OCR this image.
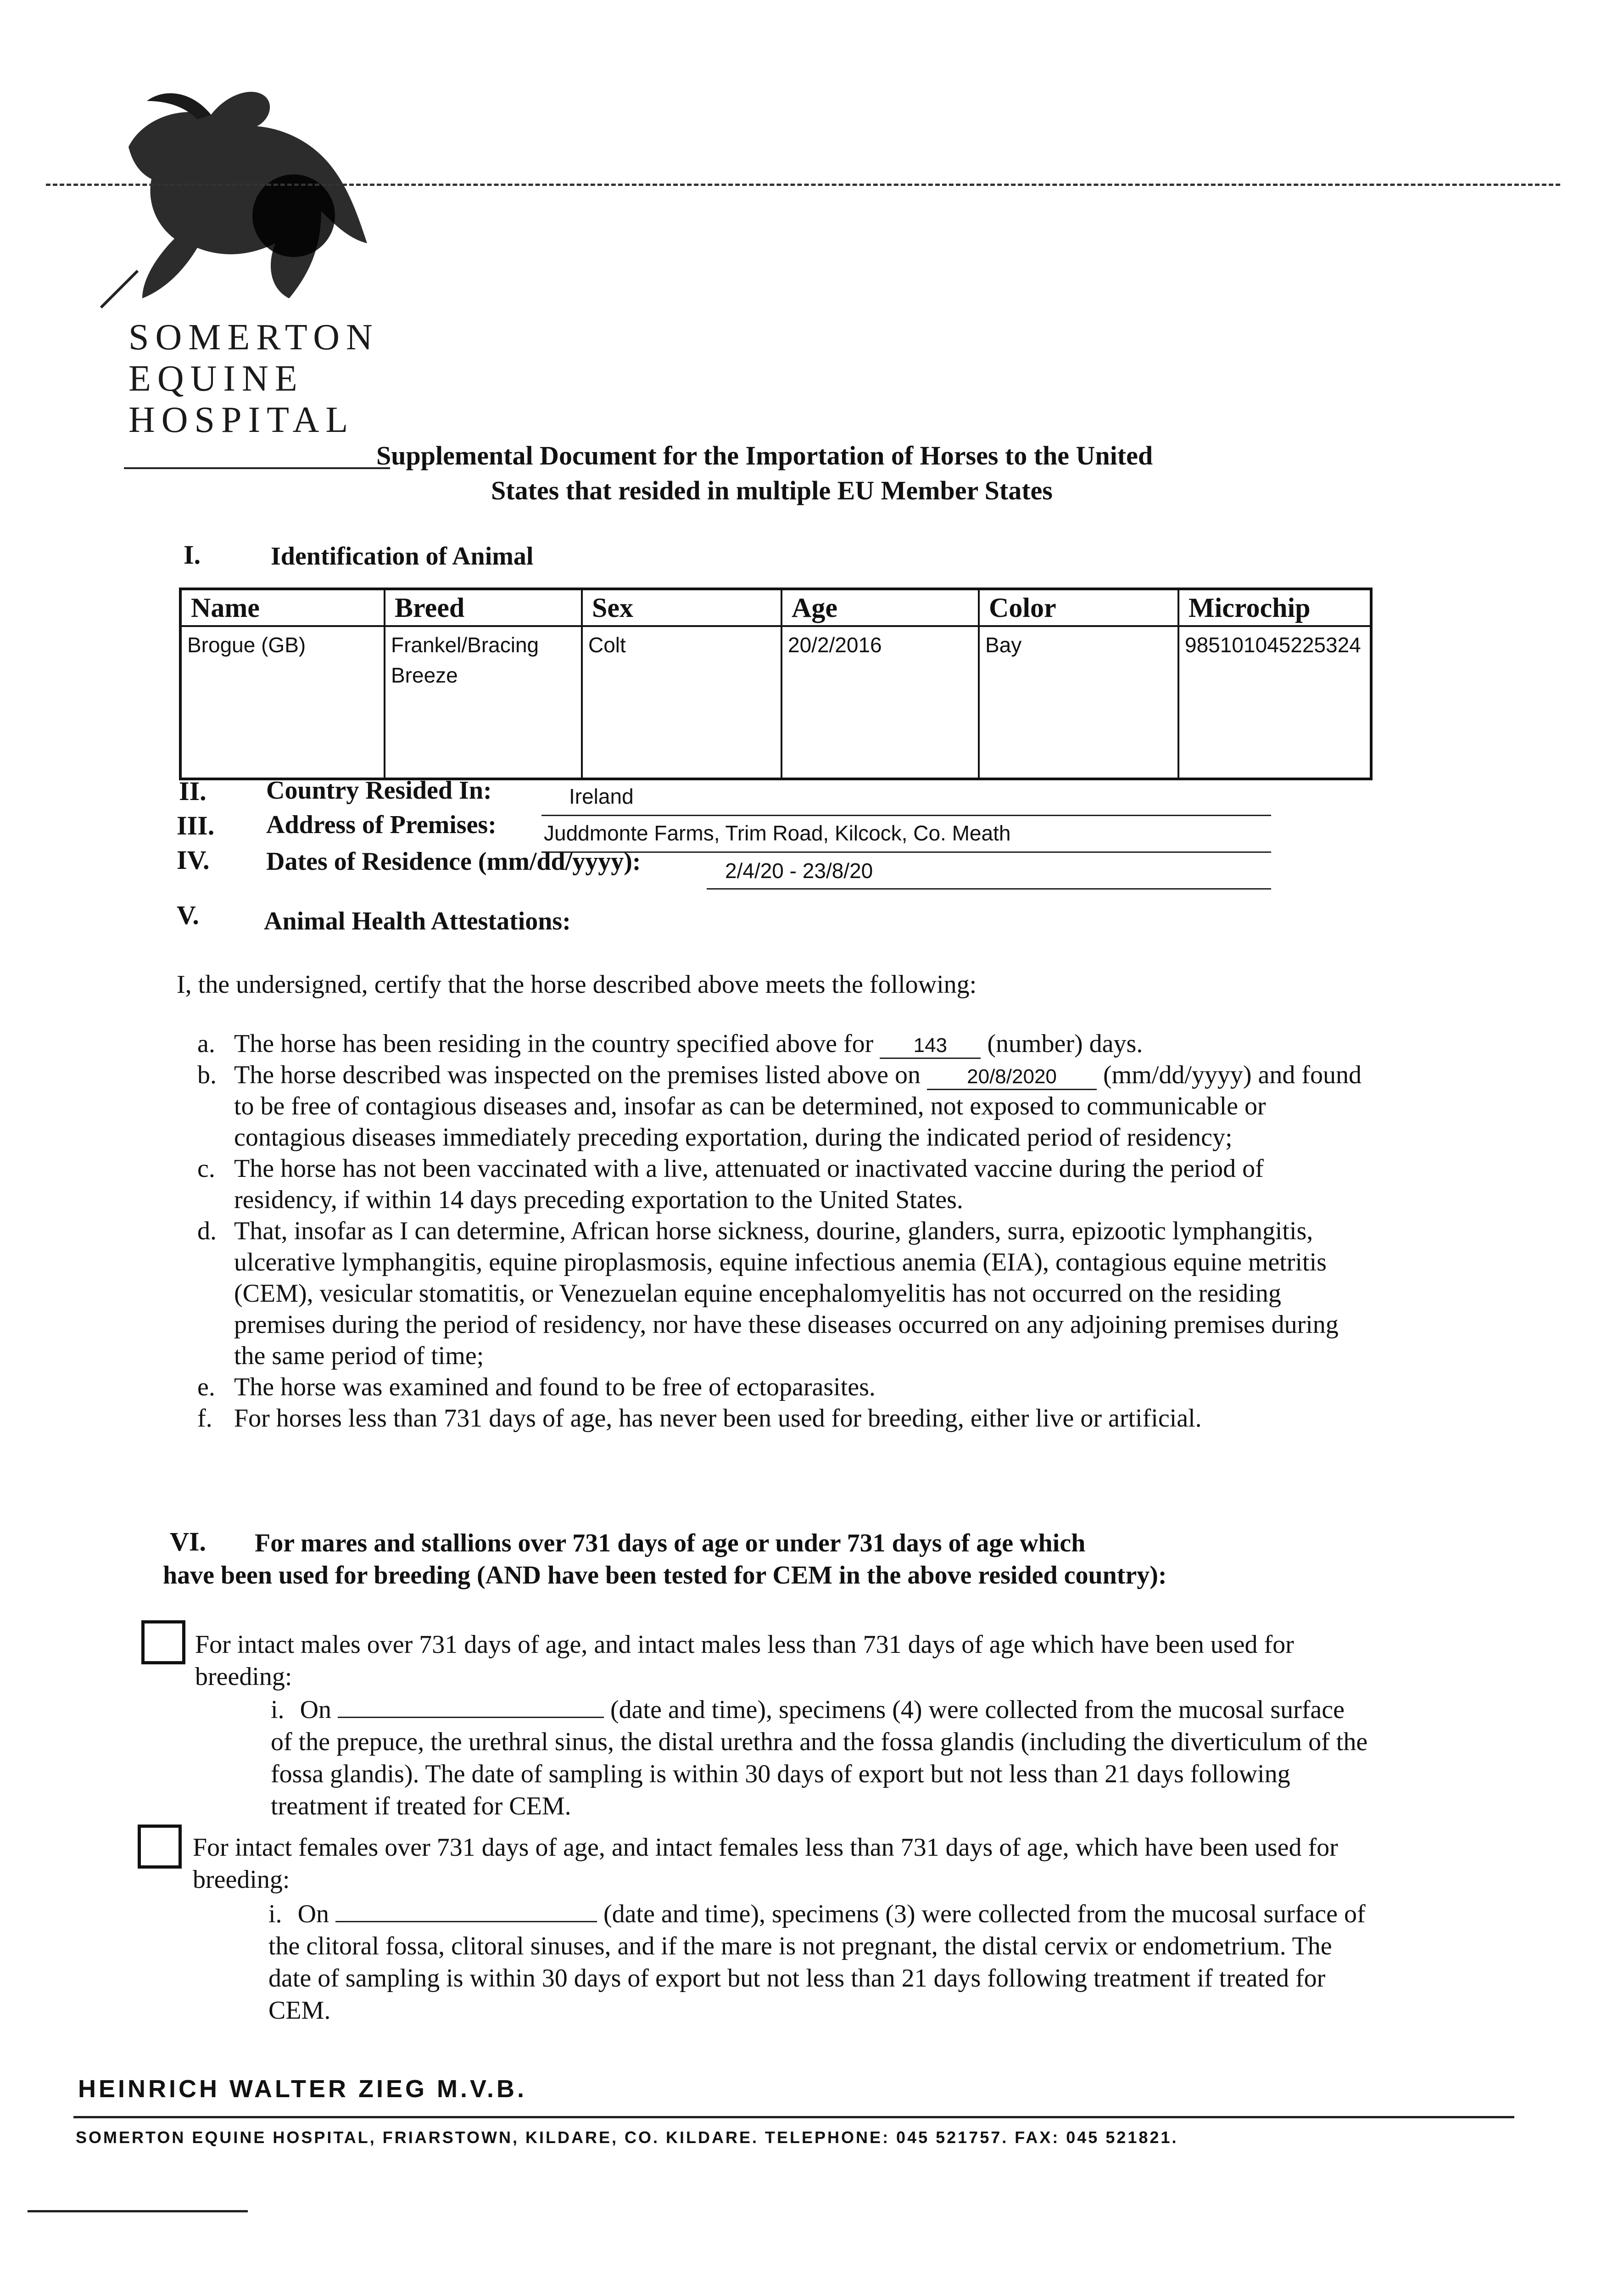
SOMERTON
EQUINE
HOSPITAL
Supplemental Document for the Importation of Horses to the United
States that resided in multiple EU Member States
I.	Identification of Animal
Name	Breed	Sex	Age	Color	Microchip
Brogue (GB)	Frankel/Bracing Breeze	Colt	20/2/2016	Bay	985101045225324
II. Country Resided In:	Ireland
III. Address of Premises: Juddmonte Farms, Trim Road, Kilcock, Co. Meath
IV. Dates of Residence (mm/dd/yyyy):	2/4/20 - 23/8/20
V.	Animal Health Attestations:
I, the undersigned, certify that the horse described above meets the following:

a. The horse has been residing in the country specified above for 143 (number) days.

b. The horse described was inspected on the premises listed above on 20/8/2020 (mm/dd/yyyy) and found to be free of contagious diseases and, insofar as can be determined, not exposed to communicable or contagious diseases immediately preceding exportation, during the indicated period of residency;

c. The horse has not been vaccinated with a live, attenuated or inactivated vaccine during the period of residency, if within 14 days preceding exportation to the United States.

d. That, insofar as I can determine, African horse sickness, dourine, glanders, surra, epizootic lymphangitis, ulcerative lymphangitis, equine piroplasmosis, equine infectious anemia (EIA), contagious equine metritis (CEM), vesicular stomatitis, or Venezuelan equine encephalomyelitis has not occurred on the residing premises during the period of residency, nor have these diseases occurred on any adjoining premises during the same period of time;

e. The horse was examined and found to be free of ectoparasites.

f. For horses less than 731 days of age, has never been used for breeding, either live or artificial.

VI. For mares and stallions over 731 days of age or under 731 days of age which
have been used for breeding (AND have been tested for CEM in the above resided country):
For intact males over 731 days of age, and intact males less than 731 days of age which have been used for breeding:
i. On	(date and time), specimens (4) were collected from the mucosal surface of the prepuce, the urethral sinus, the distal urethra and the fossa glandis (including the diverticulum of the fossa glandis). The date of sampling is within 30 days of export but not less than 21 days following treatment if treated for CEM.
For intact females over 731 days of age, and intact females less than 731 days of age, which have been used for breeding:
i. On	(date and time), specimens (3) were collected from the mucosal surface of the clitoral fossa, clitoral sinuses, and if the mare is not pregnant, the distal cervix or endometrium. The date of sampling is within 30 days of export but not less than 21 days following treatment if treated for CEM.
HEINRICH WALTER ZIEG M.V.B.
SOMERTON EQUINE HOSPITAL, FRIARSTOWN, KILDARE, CO. KILDARE. TELEPHONE: 045 521757. FAX: 045 521821.
